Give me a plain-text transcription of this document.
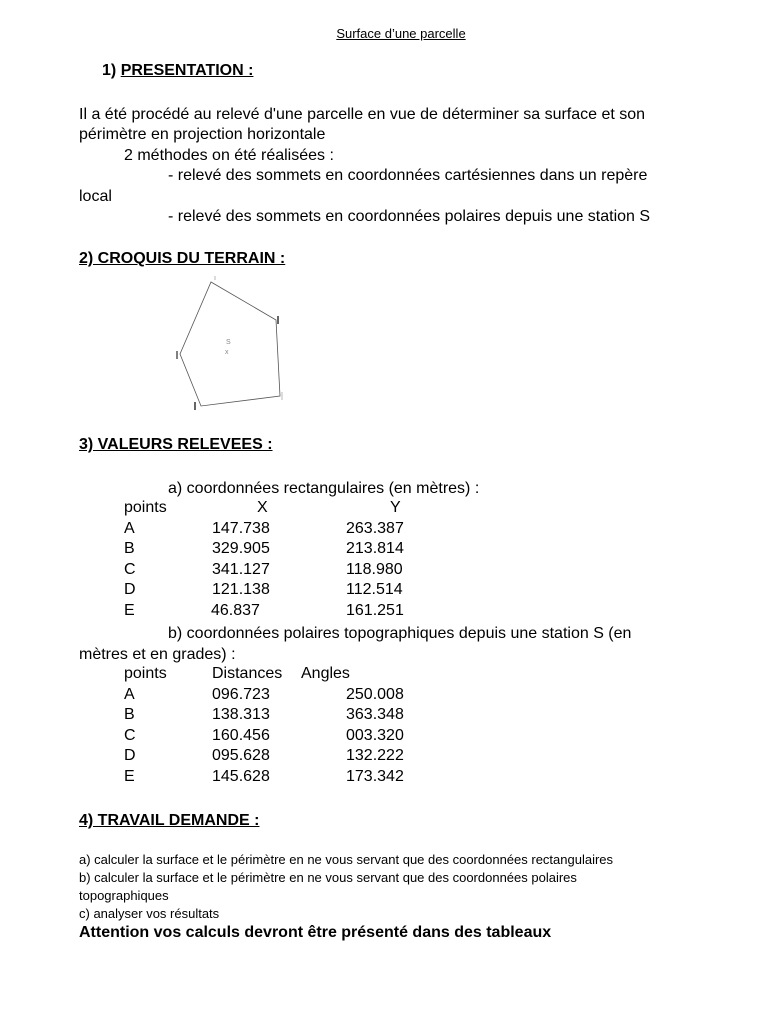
Surface d’une parcelle
1) PRESENTATION :
Il a été procédé au relevé d'une parcelle en vue de déterminer sa surface et son
périmètre en projection horizontale
2 méthodes on été réalisées :
- relevé des sommets en coordonnées cartésiennes dans un repère
local
- relevé des sommets en coordonnées polaires depuis une station S
2) CROQUIS DU TERRAIN :
S
x
3) VALEURS RELEVEES :
a) coordonnées rectangulaires (en mètres) :
points	X	Y
A	147.738	263.387
B	329.905	213.814
C	341.127	118.980
D	121.138	112.514
E	46.837	161.251
b) coordonnées polaires topographiques depuis une station S (en
mètres et en grades) :
points	Distances Angles
A	096.723	250.008
B	138.313	363.348
C	160.456	003.320
D	095.628	132.222
E	145.628	173.342
4) TRAVAIL DEMANDE :
a) calculer la surface et le périmètre en ne vous servant que des coordonnées rectangulaires
b) calculer la surface et le périmètre en ne vous servant que des coordonnées polaires
topographiques
c) analyser vos résultats
Attention vos calculs devront être présenté dans des tableaux
